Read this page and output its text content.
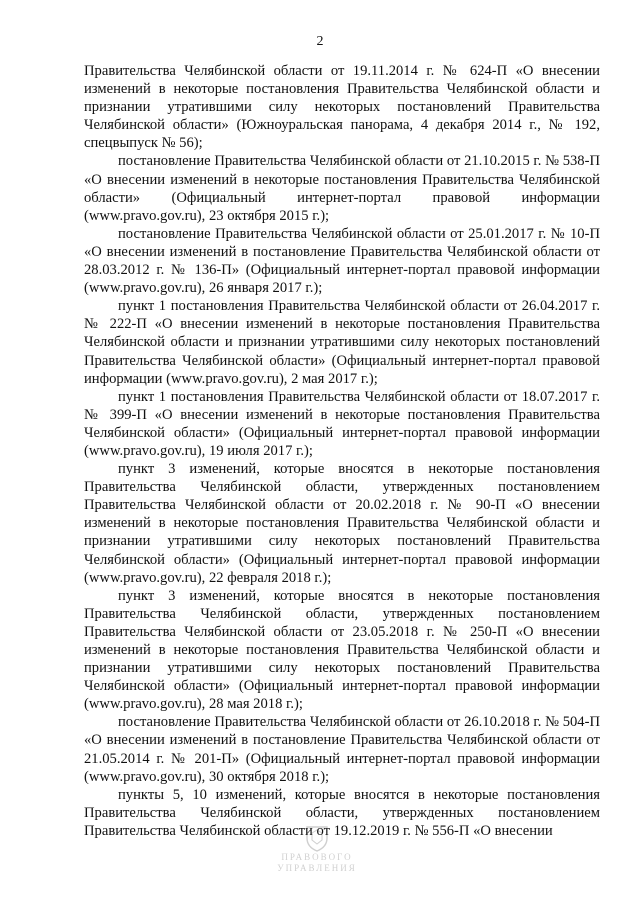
2

Правительства Челябинской области от 19.11.2014 г. № 624-П «О внесении изменений в некоторые постановления Правительства Челябинской области и признании утратившими силу некоторых постановлений Правительства Челябинской области» (Южноуральская панорама, 4 декабря 2014 г., № 192, спецвыпуск № 56);

постановление Правительства Челябинской области от 21.10.2015 г. № 538-П «О внесении изменений в некоторые постановления Правительства Челябинской области» (Официальный интернет-портал правовой информации (www.pravo.gov.ru), 23 октября 2015 г.);

постановление Правительства Челябинской области от 25.01.2017 г. № 10-П «О внесении изменений в постановление Правительства Челябинской области от 28.03.2012 г. № 136-П» (Официальный интернет-портал правовой информации (www.pravo.gov.ru), 26 января 2017 г.);

пункт 1 постановления Правительства Челябинской области от 26.04.2017 г. № 222-П «О внесении изменений в некоторые постановления Правительства Челябинской области и признании утратившими силу некоторых постановлений Правительства Челябинской области» (Официальный интернет-портал правовой информации (www.pravo.gov.ru), 2 мая 2017 г.);

пункт 1 постановления Правительства Челябинской области от 18.07.2017 г. № 399-П «О внесении изменений в некоторые постановления Правительства Челябинской области» (Официальный интернет-портал правовой информации (www.pravo.gov.ru), 19 июля 2017 г.);

пункт 3 изменений, которые вносятся в некоторые постановления Правительства Челябинской области, утвержденных постановлением Правительства Челябинской области от 20.02.2018 г. № 90-П «О внесении изменений в некоторые постановления Правительства Челябинской области и признании утратившими силу некоторых постановлений Правительства Челябинской области» (Официальный интернет-портал правовой информации (www.pravo.gov.ru), 22 февраля 2018 г.);

пункт 3 изменений, которые вносятся в некоторые постановления Правительства Челябинской области, утвержденных постановлением Правительства Челябинской области от 23.05.2018 г. № 250-П «О внесении изменений в некоторые постановления Правительства Челябинской области и признании утратившими силу некоторых постановлений Правительства Челябинской области» (Официальный интернет-портал правовой информации (www.pravo.gov.ru), 28 мая 2018 г.);

постановление Правительства Челябинской области от 26.10.2018 г. № 504-П «О внесении изменений в постановление Правительства Челябинской области от 21.05.2014 г. № 201-П» (Официальный интернет-портал правовой информации (www.pravo.gov.ru), 30 октября 2018 г.);

пункты 5, 10 изменений, которые вносятся в некоторые постановления Правительства Челябинской области, утвержденных постановлением Правительства Челябинской области от 19.12.2019 г. № 556-П «О внесении

ПРАВОВОГО
УПРАВЛЕНИЯ
